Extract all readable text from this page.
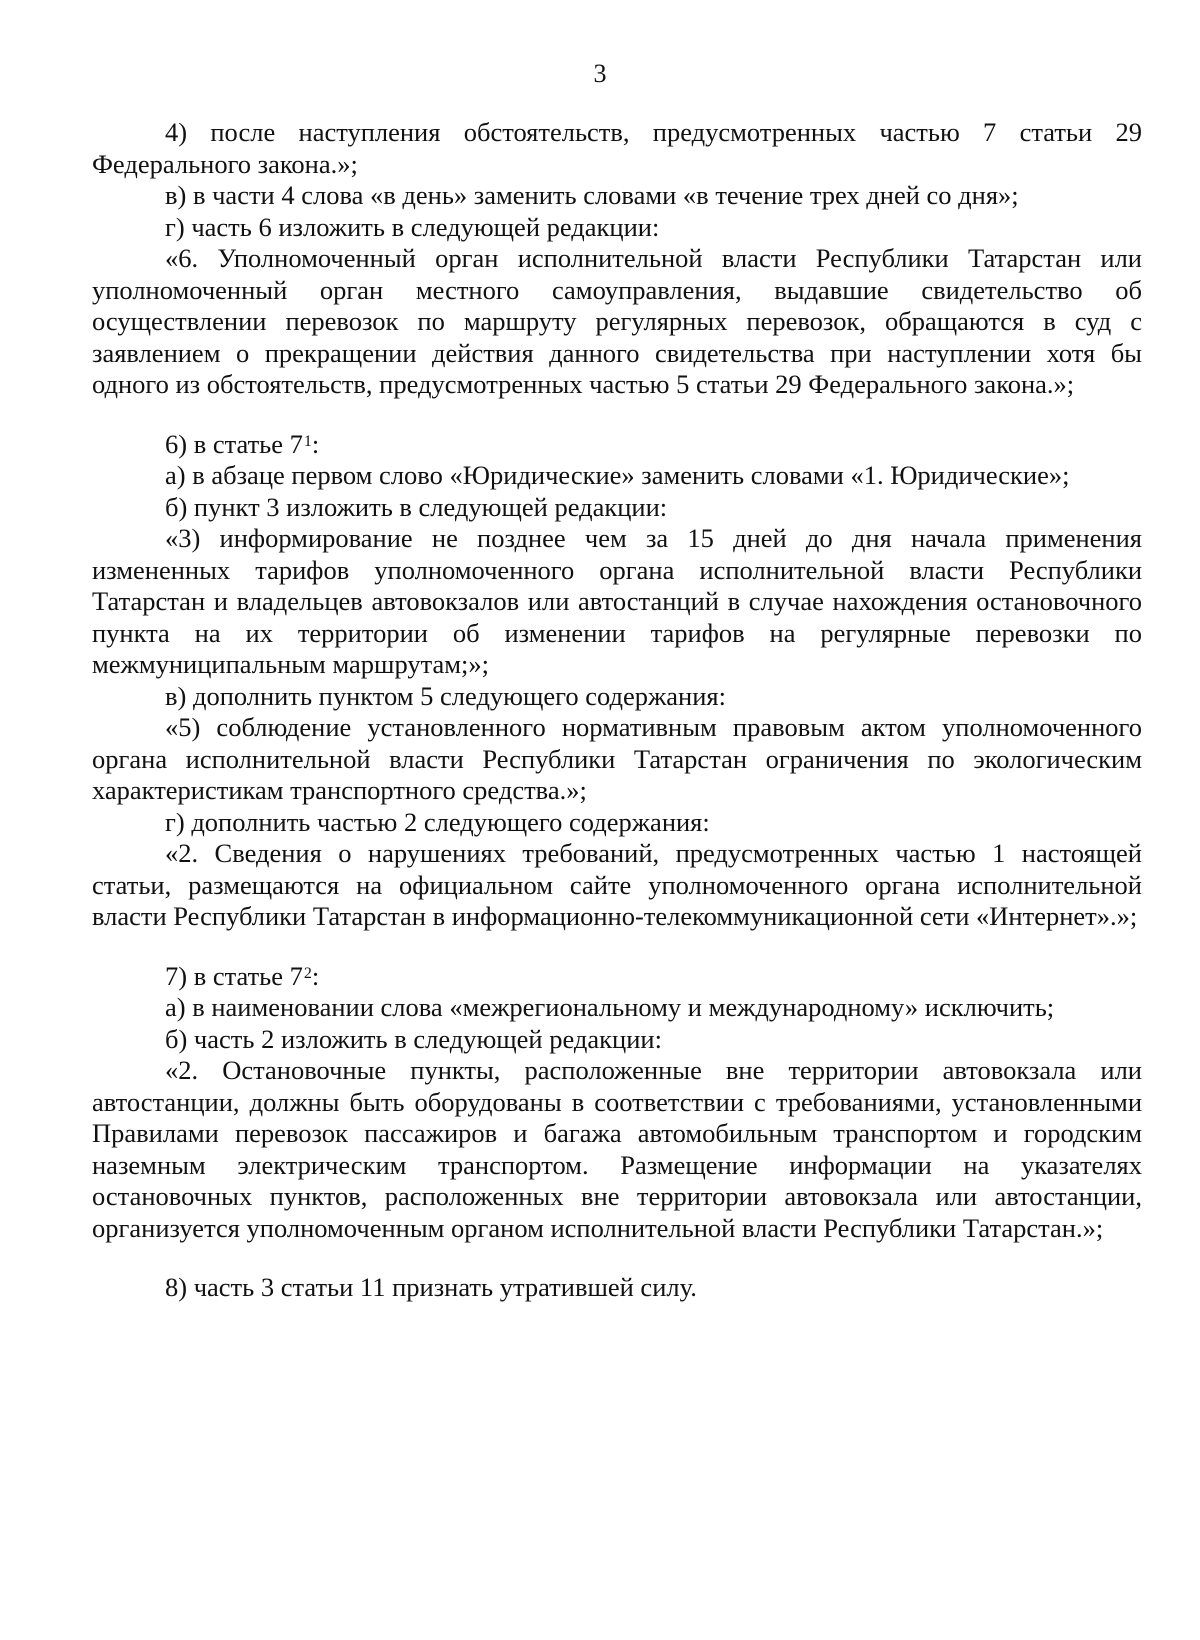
3

4) после наступления обстоятельств, предусмотренных частью 7 статьи 29 Федерального закона.»;

в) в части 4 слова «в день» заменить словами «в течение трех дней со дня»;

г) часть 6 изложить в следующей редакции:

«6. Уполномоченный орган исполнительной власти Республики Татарстан или уполномоченный орган местного самоуправления, выдавшие свидетельство об осуществлении перевозок по маршруту регулярных перевозок, обращаются в суд с заявлением о прекращении действия данного свидетельства при наступлении хотя бы одного из обстоятельств, предусмотренных частью 5 статьи 29 Федерального закона.»;

6) в статье $7^1$:

а) в абзаце первом слово «Юридические» заменить словами «1. Юридические»;

б) пункт 3 изложить в следующей редакции:

«3) информирование не позднее чем за 15 дней до дня начала применения измененных тарифов уполномоченного органа исполнительной власти Республики Татарстан и владельцев автовокзалов или автостанций в случае нахождения остановочного пункта на их территории об изменении тарифов на регулярные перевозки по межмуниципальным маршрутам;»;

в) дополнить пунктом 5 следующего содержания:

«5) соблюдение установленного нормативным правовым актом уполномоченного органа исполнительной власти Республики Татарстан ограничения по экологическим характеристикам транспортного средства.»;

г) дополнить частью 2 следующего содержания:

«2. Сведения о нарушениях требований, предусмотренных частью 1 настоящей статьи, размещаются на официальном сайте уполномоченного органа исполнительной власти Республики Татарстан в информационно-телекоммуникационной сети «Интернет».»;

7) в статье $7^2$:

а) в наименовании слова «межрегиональному и международному» исключить;

б) часть 2 изложить в следующей редакции:

«2. Остановочные пункты, расположенные вне территории автовокзала или автостанции, должны быть оборудованы в соответствии с требованиями, установленными Правилами перевозок пассажиров и багажа автомобильным транспортом и городским наземным электрическим транспортом. Размещение информации на указателях остановочных пунктов, расположенных вне территории автовокзала или автостанции, организуется уполномоченным органом исполнительной власти Республики Татарстан.»;

8) часть 3 статьи 11 признать утратившей силу.
